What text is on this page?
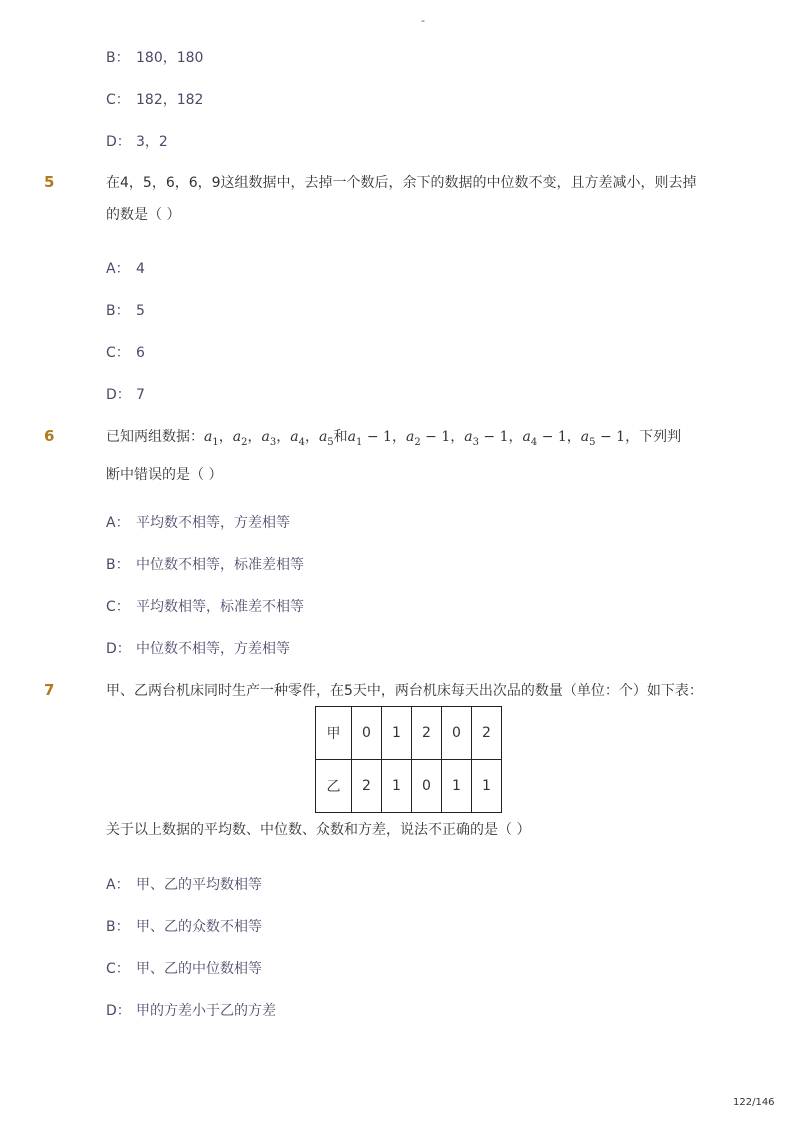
-
B： 180，180
C： 182，182
D： 3，2
5	在4，5，6，6，9这组数据中，去掉一个数后，余下的数据的中位数不变，且方差减小，则去掉
的数是（ ）
A： 4
B： 5
C： 6
D： 7
6	已知两组数据：$a_1$，$a_2$，$a_3$，$a_4$，$a_5$和$a_1 - 1$，$a_2 - 1$，$a_3 - 1$，$a_4 - 1$，$a_5 - 1$，下列判
断中错误的是（ ）
A： 平均数不相等，方差相等
B： 中位数不相等，标准差相等
C： 平均数相等，标准差不相等
D： 中位数不相等，方差相等
7	甲、乙两台机床同时生产一种零件，在5天中，两台机床每天出次品的数量（单位：个）如下表：
甲	0	1	2	0	2
乙	2	1	0	1	1
关于以上数据的平均数、中位数、众数和方差，说法不正确的是（ ）
A： 甲、乙的平均数相等
B： 甲、乙的众数不相等
C： 甲、乙的中位数相等
D： 甲的方差小于乙的方差
122/146
